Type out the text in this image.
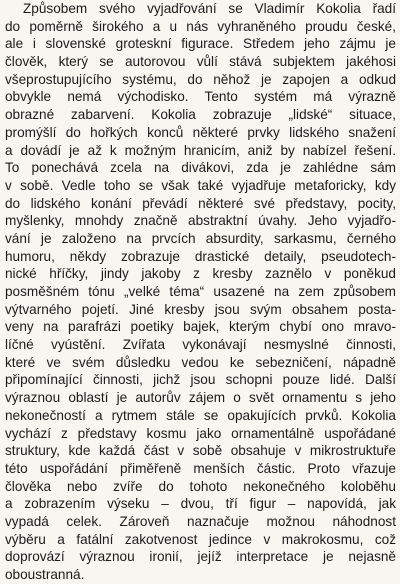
Způsobem svého vyjadřování se Vladimír Kokolia řadí
do poměrně širokého a u nás vyhraněného proudu české,
ale i slovenské groteskní figurace. Středem jeho zájmu je
člověk, který se autorovou vůlí stává subjektem jakéhosi
všeprostupujícího systému, do něhož je zapojen a odkud
obvykle nemá východisko. Tento systém má výrazně
obrazné zabarvení. Kokolia zobrazuje „lidské“ situace,
promýšlí do hořkých konců některé prvky lidského snažení
a dovádí je až k možným hranicím, aniž by nabízel řešení.
To ponechává zcela na divákovi, zda je zahlédne sám
v sobě. Vedle toho se však také vyjadřuje metaforicky, kdy
do lidského konání převádí některé své představy, pocity,
myšlenky, mnohdy značně abstraktní úvahy. Jeho vyjadřo-
vání je založeno na prvcích absurdity, sarkasmu, černého
humoru, někdy zobrazuje drastické detaily, pseudotech-
nické hříčky, jindy jakoby z kresby zaznělo v poněkud
posměšném tónu „velké téma“ usazené na zem způsobem
výtvarného pojetí. Jiné kresby jsou svým obsahem posta-
veny na parafrázi poetiky bajek, kterým chybí ono mravo-
líčné vyústění. Zvířata vykonávají nesmyslné činnosti,
které ve svém důsledku vedou ke sebezničení, nápadně
připomínající činnosti, jichž jsou schopni pouze lidé. Další
výraznou oblastí je autorův zájem o svět ornamentu s jeho
nekonečností a rytmem stále se opakujících prvků. Kokolia
vychází z představy kosmu jako ornamentálně uspořádané
struktury, kde každá část v sobě obsahuje v mikrostruktuře
této uspořádání přiměřeně menších částic. Proto vřazuje
člověka nebo zvíře do tohoto nekonečného koloběhu
a zobrazením výseku – dvou, tří figur – napovídá, jak
vypadá celek. Zároveň naznačuje možnou náhodnost
výběru a fatální zakotvenost jedince v makrokosmu, což
doprovází výraznou ironií, jejíž interpretace je nejasně
oboustranná.
